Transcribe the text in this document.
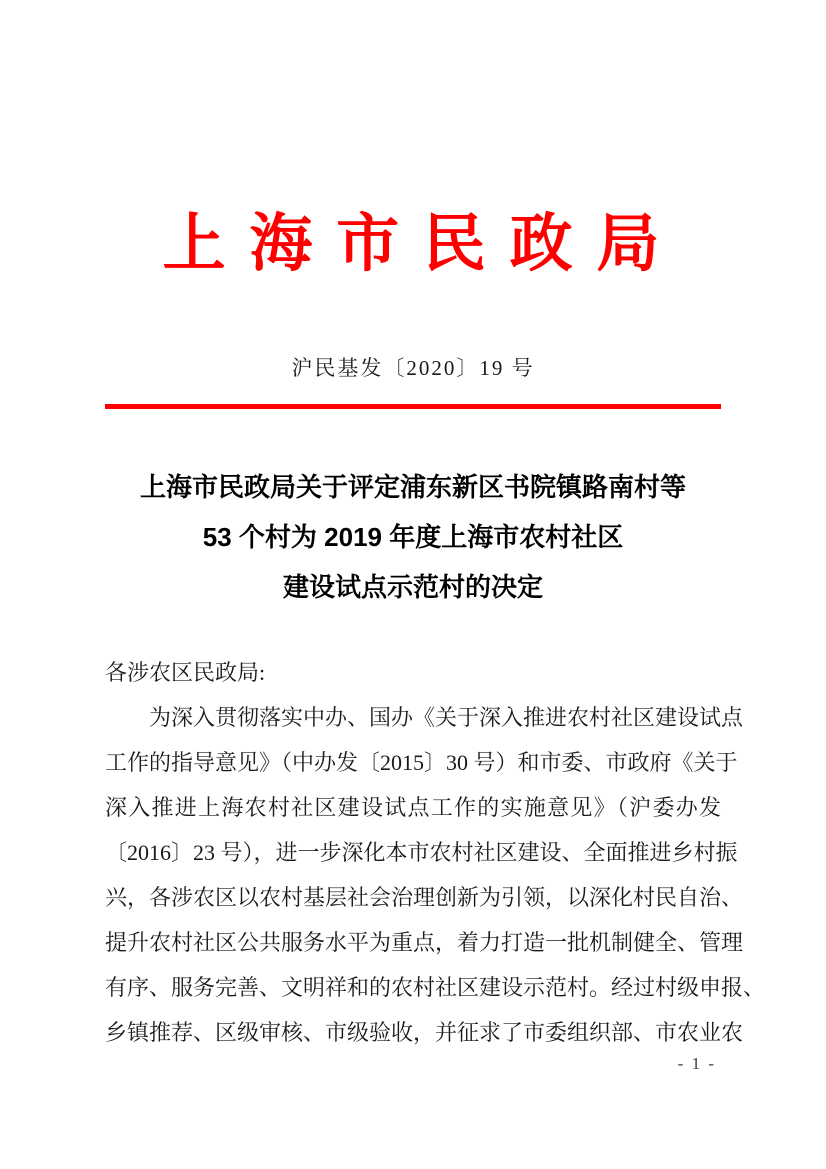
上 海 市 民 政 局
沪民基发〔2020〕19 号
上海市民政局关于评定浦东新区书院镇路南村等
53 个村为 2019 年度上海市农村社区
建设试点示范村的决定
各涉农区民政局:
为深入贯彻落实中办、国办《关于深入推进农村社区建设试点
工作的指导意见》（中办发〔2015〕30 号）和市委、市政府《关于
深入推进上海农村社区建设试点工作的实施意见》（沪委办发
〔2016〕23 号），进一步深化本市农村社区建设、全面推进乡村振
兴，各涉农区以农村基层社会治理创新为引领，以深化村民自治、
提升农村社区公共服务水平为重点，着力打造一批机制健全、管理
有序、服务完善、文明祥和的农村社区建设示范村。经过村级申报、
乡镇推荐、区级审核、市级验收，并征求了市委组织部、市农业农
- 1 -
